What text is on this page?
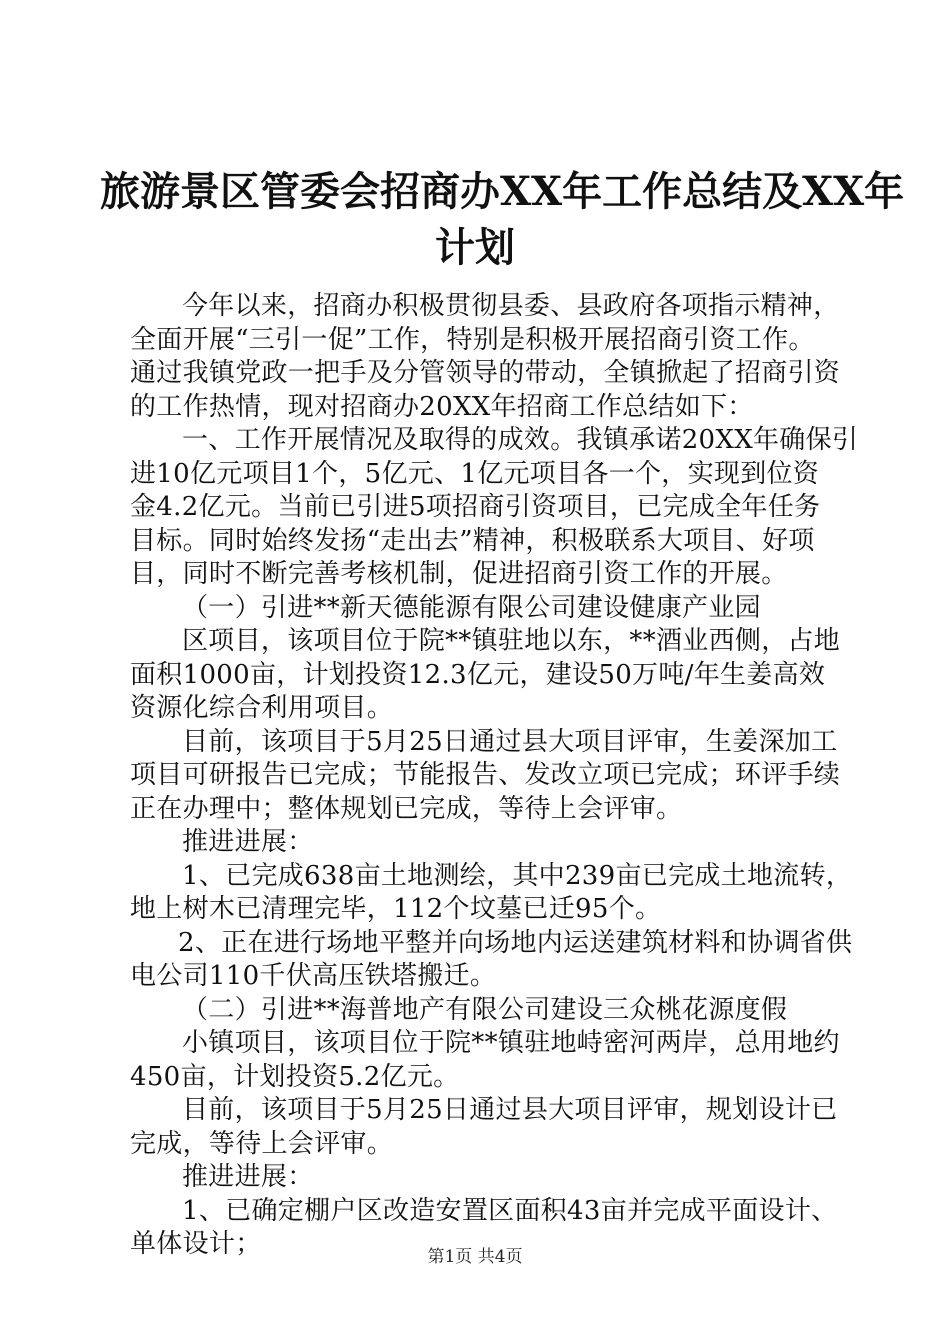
旅游景区管委会招商办XX年工作总结及XX年
计划
今年以来，招商办积极贯彻县委、县政府各项指示精神，
全面开展“三引一促”工作，特别是积极开展招商引资工作。
通过我镇党政一把手及分管领导的带动，全镇掀起了招商引资
的工作热情，现对招商办20XX年招商工作总结如下：
一、工作开展情况及取得的成效。我镇承诺20XX年确保引
进10亿元项目1个，5亿元、1亿元项目各一个，实现到位资
金4.2亿元。当前已引进5项招商引资项目，已完成全年任务
目标。同时始终发扬“走出去”精神，积极联系大项目、好项
目，同时不断完善考核机制，促进招商引资工作的开展。
（一）引进**新天德能源有限公司建设健康产业园
区项目，该项目位于院**镇驻地以东，**酒业西侧，占地
面积1000亩，计划投资12.3亿元，建设50万吨/年生姜高效
资源化综合利用项目。
目前，该项目于5月25日通过县大项目评审，生姜深加工
项目可研报告已完成；节能报告、发改立项已完成；环评手续
正在办理中；整体规划已完成，等待上会评审。
推进进展：
1、已完成638亩土地测绘，其中239亩已完成土地流转，
地上树木已清理完毕，112个坟墓已迁95个。
2、正在进行场地平整并向场地内运送建筑材料和协调省供
电公司110千伏高压铁塔搬迁。
（二）引进**海普地产有限公司建设三众桃花源度假
小镇项目，该项目位于院**镇驻地峙密河两岸，总用地约
450亩，计划投资5.2亿元。
目前，该项目于5月25日通过县大项目评审，规划设计已
完成，等待上会评审。
推进进展：
1、已确定棚户区改造安置区面积43亩并完成平面设计、
单体设计；	第1页 共4页
